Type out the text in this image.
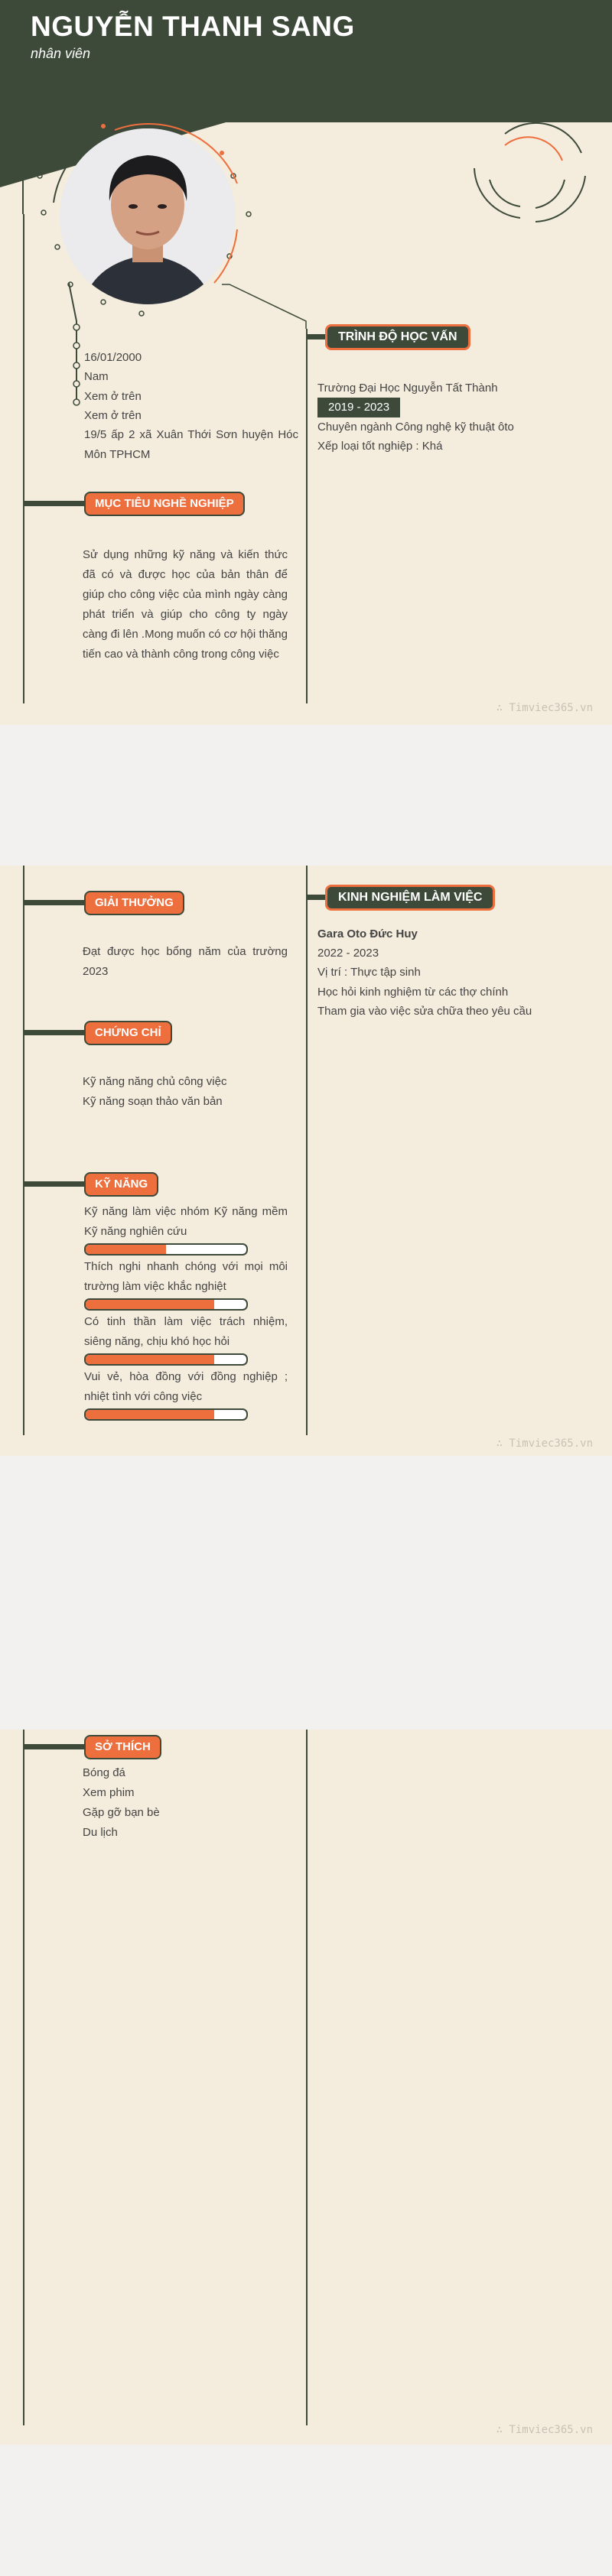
NGUYỄN THANH SANG
nhân viên
16/01/2000
Nam
Xem ở trên
Xem ở trên
19/5 ấp 2 xã Xuân Thới Sơn huyện Hóc Môn TPHCM
MỤC TIÊU NGHỀ NGHIỆP
Sử dụng những kỹ năng và kiến thức đã có và được học của bản thân để giúp cho công việc của mình ngày càng phát triển và giúp cho công ty ngày càng đi lên .Mong muốn có cơ hội thăng tiến cao và thành công trong công việc
TRÌNH ĐỘ HỌC VẤN
Trường Đại Học Nguyễn Tất Thành
2019 - 2023
Chuyên ngành Công nghệ kỹ thuật ôto
Xếp loại tốt nghiệp : Khá
∴ Timviec365.vn
GIẢI THƯỞNG
Đạt được học bổng năm của trường 2023
CHỨNG CHỈ
Kỹ năng năng chủ công việc
Kỹ năng soạn thảo văn bản
KỸ NĂNG
Kỹ năng làm việc nhóm Kỹ năng mềm Kỹ năng nghiên cứu
Thích nghi nhanh chóng với mọi môi trường làm việc khắc nghiệt
Có tinh thần làm việc trách nhiệm, siêng năng, chịu khó học hỏi
Vui vẻ, hòa đồng với đồng nghiệp ; nhiệt tình với công việc
KINH NGHIỆM LÀM VIỆC
Gara Oto Đức Huy
2022 - 2023
Vị trí : Thực tập sinh
Học hỏi kinh nghiệm từ các thợ chính
Tham gia vào việc sửa chữa theo yêu cầu
∴ Timviec365.vn
SỞ THÍCH
Bóng đá
Xem phim
Gặp gỡ bạn bè
Du lịch
∴ Timviec365.vn
